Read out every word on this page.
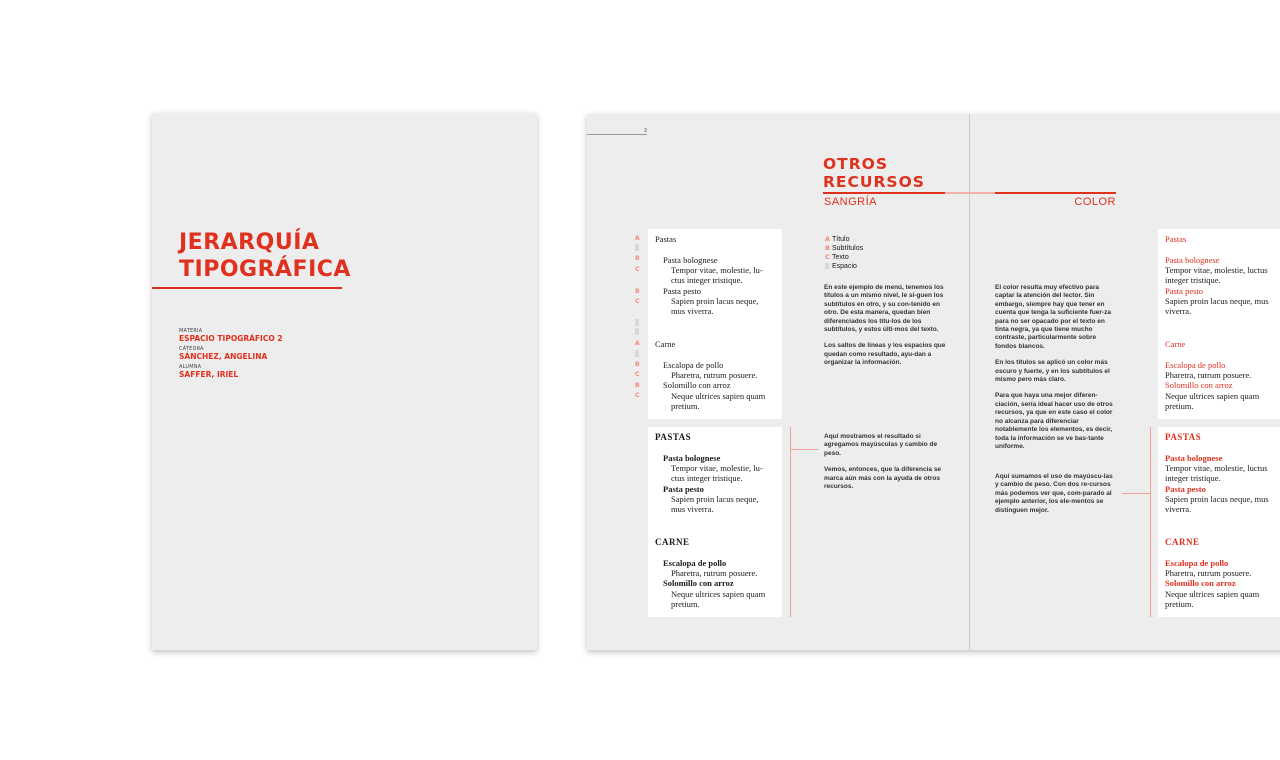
JERARQUÍA
TIPOGRÁFICA
MATERIA
ESPACIO TIPOGRÁFICO 2
CÁTEDRA
SÁNCHEZ, ANGELINA
ALUMNA
SAFFER, IRIEL
3
OTROS
RECURSOS
SANGRÍA	COLOR
A
B
C
B
C
A
B
C
B
C
Pastas
Pasta bolognese
Tempor vitae, molestie, lu-
ctus integer tristique.
Pasta pesto
Sapien proin lacus neque,
mus viverra.
Carne
Escalopa de pollo
Pharetra, rutrum posuere.
Solomillo con arroz
Neque ultrices sapien quam
pretium.
PASTAS
Pasta bolognese
Tempor vitae, molestie, lu-
ctus integer tristique.
Pasta pesto
Sapien proin lacus neque,
mus viverra.
CARNE
Escalopa de pollo
Pharetra, rutrum posuere.
Solomillo con arroz
Neque ultrices sapien quam
pretium.
A Título
B Subtítulos
C Texto
Espacio

En este ejemplo de menú, tenemos los títulos a un mismo nivel, le si-guen los subtítulos en otro, y su con-tenido en otro. De esta manera, quedan bien diferenciados los títu-los de los subtítulos, y estos últi-mos del texto.

Los saltos de líneas y los espacios que quedan como resultado, ayu-dan a organizar la información.

Aquí mostramos el resultado si agregamos mayúsculas y cambio de peso.

Vemos, entonces, que la diferencia se marca aún más con la ayuda de otros recursos.

El color resulta muy efectivo para captar la atención del lector. Sin embargo, siempre hay que tener en cuenta que tenga la suficiente fuer-za para no ser opacado por el texto en tinta negra, ya que tiene mucho contraste, particularmente sobre fondos blancos.

En los títulos se aplicó un color más oscuro y fuerte, y en los subtítulos el mismo pero más claro.

Para que haya una mejor diferen-ciación, sería ideal hacer uso de otros recursos, ya que en este caso el color no alcanza para diferenciar notablemente los elementos, es decir, toda la información se ve bas-tante uniforme.

Aquí sumamos el uso de mayúscu-las y cambio de peso. Con dos re-cursos más podemos ver que, com-parado al ejemplo anterior, los ele-mentos se distinguen mejor.

Pastas
Pasta bolognese
Tempor vitae, molestie, luctus
integer tristique.
Pasta pesto
Sapien proin lacus neque, mus
viverra.
Carne
Escalopa de pollo
Pharetra, rutrum posuere.
Solomillo con arroz
Neque ultrices sapien quam
pretium.
PASTAS
Pasta bolognese
Tempor vitae, molestie, luctus
integer tristique.
Pasta pesto
Sapien proin lacus neque, mus
viverra.
CARNE
Escalopa de pollo
Pharetra, rutrum posuere.
Solomillo con arroz
Neque ultrices sapien quam
pretium.
